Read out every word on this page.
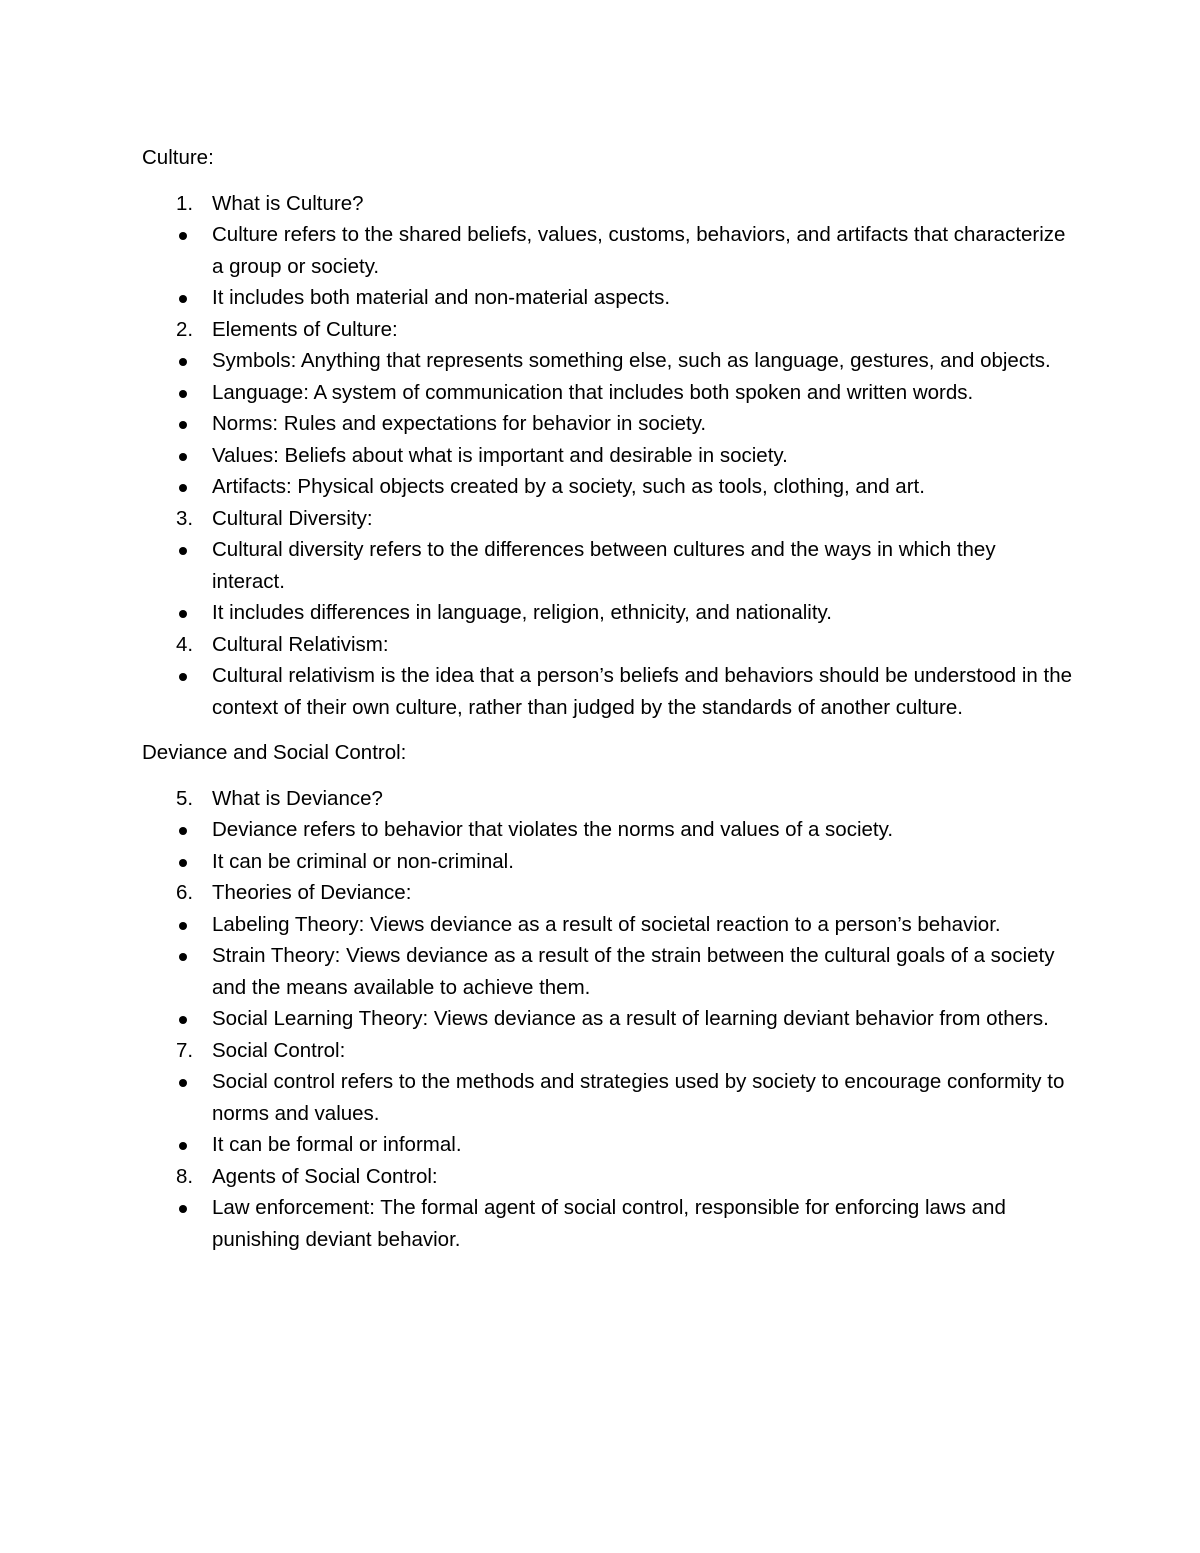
Culture:

1. What is Culture?
Culture refers to the shared beliefs, values, customs, behaviors, and artifacts that characterize a group or society.
It includes both material and non-material aspects.
2. Elements of Culture:
Symbols: Anything that represents something else, such as language, gestures, and objects.
Language: A system of communication that includes both spoken and written words.
Norms: Rules and expectations for behavior in society.
Values: Beliefs about what is important and desirable in society.
Artifacts: Physical objects created by a society, such as tools, clothing, and art.
3. Cultural Diversity:
Cultural diversity refers to the differences between cultures and the ways in which they interact.
It includes differences in language, religion, ethnicity, and nationality.
4. Cultural Relativism:
Cultural relativism is the idea that a person’s beliefs and behaviors should be understood in the context of their own culture, rather than judged by the standards of another culture.

Deviance and Social Control:

5. What is Deviance?
Deviance refers to behavior that violates the norms and values of a society.
It can be criminal or non-criminal.
6. Theories of Deviance:
Labeling Theory: Views deviance as a result of societal reaction to a person’s behavior.
Strain Theory: Views deviance as a result of the strain between the cultural goals of a society and the means available to achieve them.
Social Learning Theory: Views deviance as a result of learning deviant behavior from others.
7. Social Control:
Social control refers to the methods and strategies used by society to encourage conformity to norms and values.
It can be formal or informal.
8. Agents of Social Control:
Law enforcement: The formal agent of social control, responsible for enforcing laws and punishing deviant behavior.
